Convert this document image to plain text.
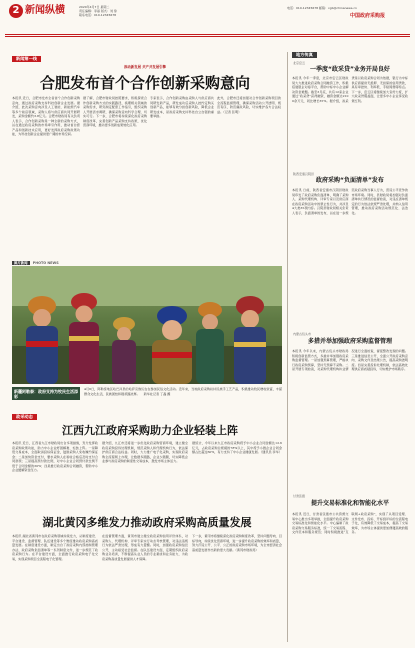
2 新闻纵横	2020年4月7日 星期二
责任编辑：李丽 版式：刘 徐
联系电话：010-12345678
电话：010-12345678 邮箱：cgb@chinanews.cn
中国政府采购报
新闻第一线
推动新发展 共产共发展引擎
合肥发布首个合作创新采购意向
本报讯 近日，合肥市发布全省首个合作创新采购意向，通过政府采购支持科技创新企业发展。据介绍，此次采购意向涉及人工智能、新能源汽车等多个前沿领域，采购人将与供应商共同开展研发，采购金额约3.8亿元。合肥市财政局有关负责人表示，合作创新采购是一种全新的采购方式，旨在通过政府采购的市场牵引作用，推动首台套产品和创新技术应用，更好发挥政府采购政策功能，为科技创新企业提供更广阔的市场空间。
据了解，合肥市财政局按照要求，积极探索合作创新采购方式的实践路径，梳理相关领域的采购需求，研究制定配套工作指引，组织采购人开展需求调研，确保采购意向科学合理、切实可行。下一步，合肥市将持续深化政府采购制度改革，完善创新产品采购支持政策，优化营商环境，推动更多创新成果转化应用。
专家表示，合作创新采购由采购人与供应商共同研发新产品，研发成功后采购人按约定购买创新产品，能够有效分担创新风险，降低企业研发成本，是政府采购支持科技自立自强的重要举措。
此外，合肥市还将加强对合作创新采购项目的全流程监督管理，确保采购活动公开透明、规范有序，防范廉政风险，切实维护各方合法权益。（记者 张明）
图片新闻 PHOTO NEWS
新疆阿勒泰：政府支持为牧民生活添彩
4月6日，阿勒泰地区哈巴河县的哈萨克族妇女在参加民俗文化活动。近年来，当地政府采购扶持民族手工艺产品，积极推动牧民增收致富，丰富群众文化生活，民族团结和睦氛围浓厚。 新华社记者 丁磊 摄
政采动态
江西九江政府采购助力企业轻装上阵
本报讯 近日，江西省九江市财政局出台多项措施，充分发挥政府采购政策功能，助力中小企业纾困解难、轻装上阵。一是降低交易成本，全面取消投标保证金，鼓励采购人免收履约保证金；二是加快资金支付，要求采购人在验收合格后及时支付合同款项；三是提高预付款比例，对中小企业合同预付款比例不低于合同金额的30%；四是推行政府采购合同融资，帮助中小企业缓解资金压力。
据介绍，九江市还将进一步优化政府采购营商环境，建立健全政府采购投诉处理机制，规范采购人和代理机构行为，依法保护供应商合法权益。同时，大力推广电子化采购，实现政府采购全流程网上办理，让数据多跑路，企业少跑腿，切实降低企业参与政府采购的制度性交易成本，激发市场主体活力。
据统计，今年以来九江市政府采购授予中小企业合同金额达12.6亿元，占政府采购总规模的78%以上，其中授予小微企业合同金额占比超过60%，有力支持了中小企业健康发展。（通讯员 李华）
湖北黄冈多维发力推动政府采购高质量发展
本报讯 湖北省黄冈市在政府采购领域持续发力，从制度建设、平台建设、监督管理、队伍建设等多个维度推动政府采购高质量发展。在制度建设方面，制定出台了政府采购内部控制管理办法、政府采购负面清单等一系列制度文件，进一步规范了政府采购行为。在平台建设方面，全面推行政府采购电子化交易，实现采购项目全流程电子化管理。
在监督管理方面，黄冈市建立健全政府采购信用评价体系，对采购人、代理机构、评审专家实行动态考核管理，对违法违规行为依法严肃处理，形成有力震慑。同时，加强政府采购信息公开，主动接受社会监督。在队伍建设方面，定期组织政府采购业务培训，不断提高从业人员的专业素质和业务能力，为政府采购高质量发展提供人才保障。
下一步，黄冈市将继续深化政府采购制度改革，坚持问题导向、目标导向，持续优化营商环境，进一步提升政府采购的效率和质量，努力打造公开、公平、公正的政府采购市场环境，为全市经济社会高质量发展作出新的更大贡献。（黄冈市财政局）
地方传真
北京密云
一季度“政采贷”业务开局良好
本报讯 今年一季度，北京市密云区财政局大力推进政府采购合同融资工作，积极搭建银企对接平台，帮助中标中小企业解决资金难题。截至3月底，共有12家企业通过“政采贷”获得融资，融资金额达2100余万元，同比增长35%。据介绍，政采贷是以政府采购合同为依据，银行为中标供应商提供无抵押、无担保的信用贷款，具有审批快、利率低、手续简便等特点。下一步，密云区将继续加大宣传力度，扩大政采贷覆盖面，让更多中小企业享受政策红利。
陕西安康汉阴县
政府采购“负面清单”发布
本报讯 日前，陕西省安康市汉阴县财政局印发了政府采购负面清单，明确了采购人、采购代理机构、评审专家以及供应商在政府采购活动中的禁止性行为，共涉及4大类35项内容。汉阴县财政局相关负责人表示，负面清单的发布，旨在进一步规范政府采购当事人行为，营造公平竞争的市场环境。同时，县财政局将加强对负面清单执行情况的监督检查，对违反清单规定的行为依法依规严肃处理，并纳入信用管理，推动政府采购活动规范化、法治化。
内蒙古包头市
多措并举加强政府采购监督管理
本报讯 今年以来，内蒙古包头市财政局积极创新监管方式，多措并举加强政府采购监督管理。一是加强预算管理，严格执行政府采购预算，坚持无预算不采购。二是开展专项检查，对采购代理机构执业情况进行全面检查，督促整改发现的问题。三是推进信息公开，全面公开政府采购意向、采购文件及结果公告，提高采购透明度。四是完善投诉处理机制，依法高效处理供应商质疑投诉，切实维护市场秩序。
甘肃张掖
提升交易标准化和智能化水平
本报讯 近日，甘肃省张掖市公共资源交易中心推出多项举措，全面提升政府采购交易标准化和智能化水平。中心编制了政府采购交易服务标准，统一了交易流程、文件范本和服务规范；同时积极推进“互联网+政府采购”，实现了从项目受理、文件发布、投标、开标到评标的全流程电子化，有效降低了交易成本，提高了交易效率，为市场主体提供更加便捷高效的服务。
